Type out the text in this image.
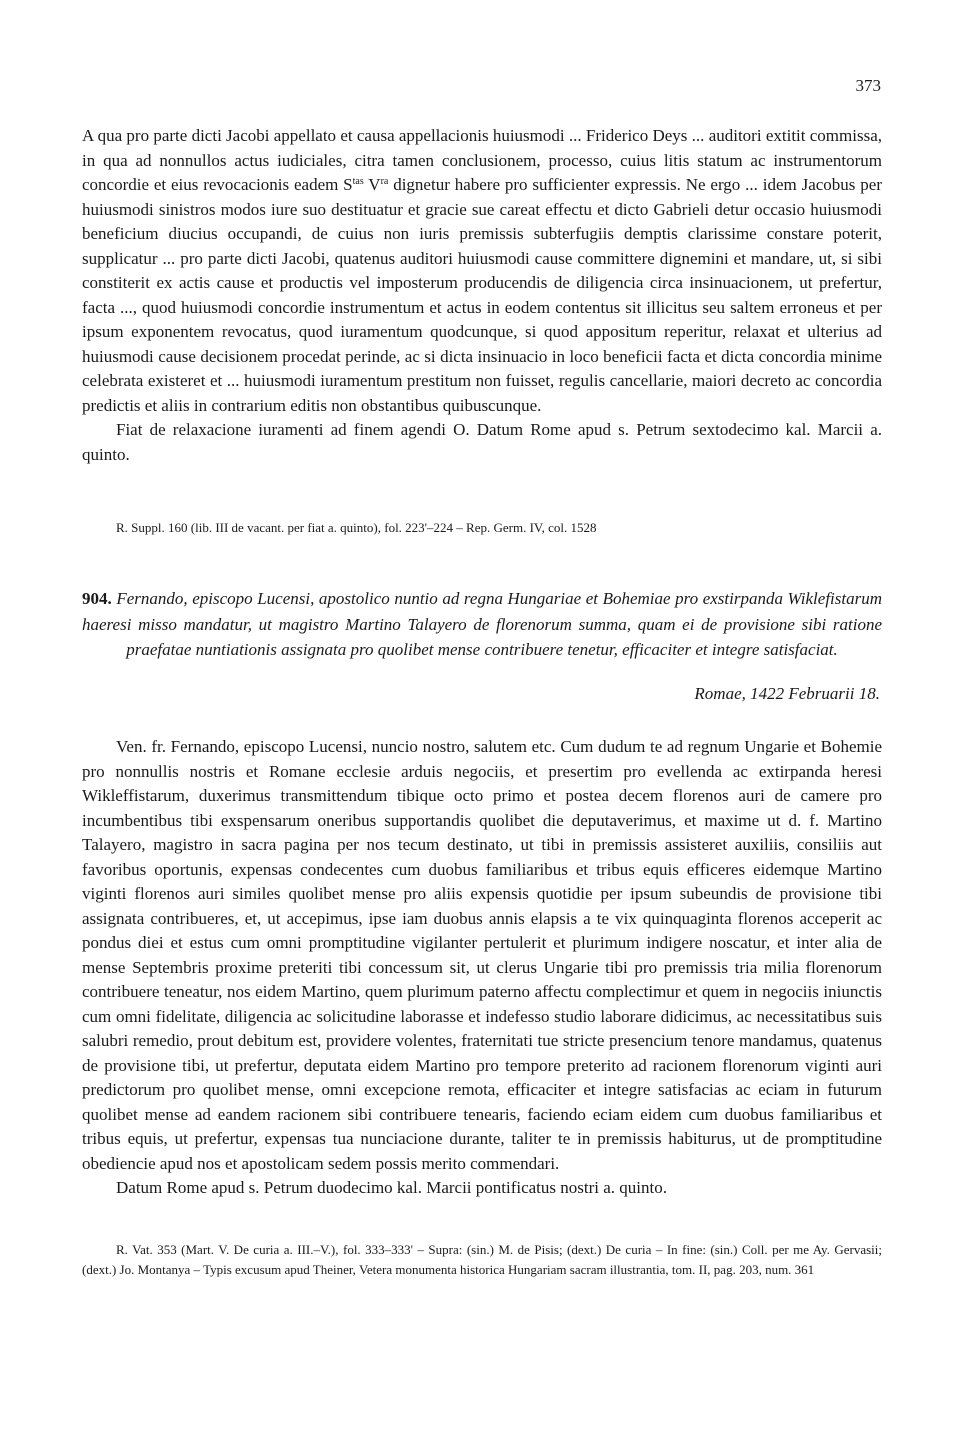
373

A qua pro parte dicti Jacobi appellato et causa appellacionis huiusmodi ... Friderico Deys ... auditori extitit commissa, in qua ad nonnullos actus iudiciales, citra tamen conclusionem, processo, cuius litis statum ac instrumentorum concordie et eius revocacionis eadem $S^{tas}$ $V^{ra}$ dignetur habere pro sufficienter expressis. Ne ergo ... idem Jacobus per huiusmodi sinistros modos iure suo destituatur et gracie sue careat effectu et dicto Gabrieli detur occasio huiusmodi beneficium diucius occupandi, de cuius non iuris premissis subterfugiis demptis clarissime constare poterit, supplicatur ... pro parte dicti Jacobi, quatenus auditori huiusmodi cause committere dignemini et mandare, ut, si sibi constiterit ex actis cause et productis vel imposterum producendis de diligencia circa insinuacionem, ut prefertur, facta ..., quod huiusmodi concordie instrumentum et actus in eodem contentus sit illicitus seu saltem erroneus et per ipsum exponentem revocatus, quod iuramentum quodcunque, si quod appositum reperitur, relaxat et ulterius ad huiusmodi cause decisionem procedat perinde, ac si dicta insinuacio in loco beneficii facta et dicta concordia minime celebrata existeret et ... huiusmodi iuramentum prestitum non fuisset, regulis cancellarie, maiori decreto ac concordia predictis et aliis in contrarium editis non obstantibus quibuscunque.

Fiat de relaxacione iuramenti ad finem agendi O. Datum Rome apud s. Petrum sextodecimo kal. Marcii a. quinto.

R. Suppl. 160 (lib. III de vacant. per fiat a. quinto), fol. 223'–224 – Rep. Germ. IV, col. 1528
904. Fernando, episcopo Lucensi, apostolico nuntio ad regna Hungariae et Bohemiae pro exstirpanda Wiklefistarum haeresi misso mandatur, ut magistro Martino Talayero de florenorum summa, quam ei de provisione sibi ratione praefatae nuntiationis assignata pro quolibet mense contribuere tenetur, efficaciter et integre satisfaciat.
Romae, 1422 Februarii 18.

Ven. fr. Fernando, episcopo Lucensi, nuncio nostro, salutem etc. Cum dudum te ad regnum Ungarie et Bohemie pro nonnullis nostris et Romane ecclesie arduis negociis, et presertim pro evellenda ac extirpanda heresi Wikleffistarum, duxerimus transmittendum tibique octo primo et postea decem florenos auri de camere pro incumbentibus tibi exspensarum oneribus supportandis quolibet die deputaverimus, et maxime ut d. f. Martino Talayero, magistro in sacra pagina per nos tecum destinato, ut tibi in premissis assisteret auxiliis, consiliis aut favoribus oportunis, expensas condecentes cum duobus familiaribus et tribus equis efficeres eidemque Martino viginti florenos auri similes quolibet mense pro aliis expensis quotidie per ipsum subeundis de provisione tibi assignata contribueres, et, ut accepimus, ipse iam duobus annis elapsis a te vix quinquaginta florenos acceperit ac pondus diei et estus cum omni promptitudine vigilanter pertulerit et plurimum indigere noscatur, et inter alia de mense Septembris proxime preteriti tibi concessum sit, ut clerus Ungarie tibi pro premissis tria milia florenorum contribuere teneatur, nos eidem Martino, quem plurimum paterno affectu complectimur et quem in negociis iniunctis cum omni fidelitate, diligencia ac solicitudine laborasse et indefesso studio laborare didicimus, ac necessitatibus suis salubri remedio, prout debitum est, providere volentes, fraternitati tue stricte presencium tenore mandamus, quatenus de provisione tibi, ut prefertur, deputata eidem Martino pro tempore preterito ad racionem florenorum viginti auri predictorum pro quolibet mense, omni excepcione remota, efficaciter et integre satisfacias ac eciam in futurum quolibet mense ad eandem racionem sibi contribuere tenearis, faciendo eciam eidem cum duobus familiaribus et tribus equis, ut prefertur, expensas tua nunciacione durante, taliter te in premissis habiturus, ut de promptitudine obediencie apud nos et apostolicam sedem possis merito commendari.

Datum Rome apud s. Petrum duodecimo kal. Marcii pontificatus nostri a. quinto.

R. Vat. 353 (Mart. V. De curia a. III.–V.), fol. 333–333' – Supra: (sin.) M. de Pisis; (dext.) De curia – In fine: (sin.) Coll. per me Ay. Gervasii; (dext.) Jo. Montanya – Typis excusum apud Theiner, Vetera monumenta historica Hungariam sacram illustrantia, tom. II, pag. 203, num. 361
